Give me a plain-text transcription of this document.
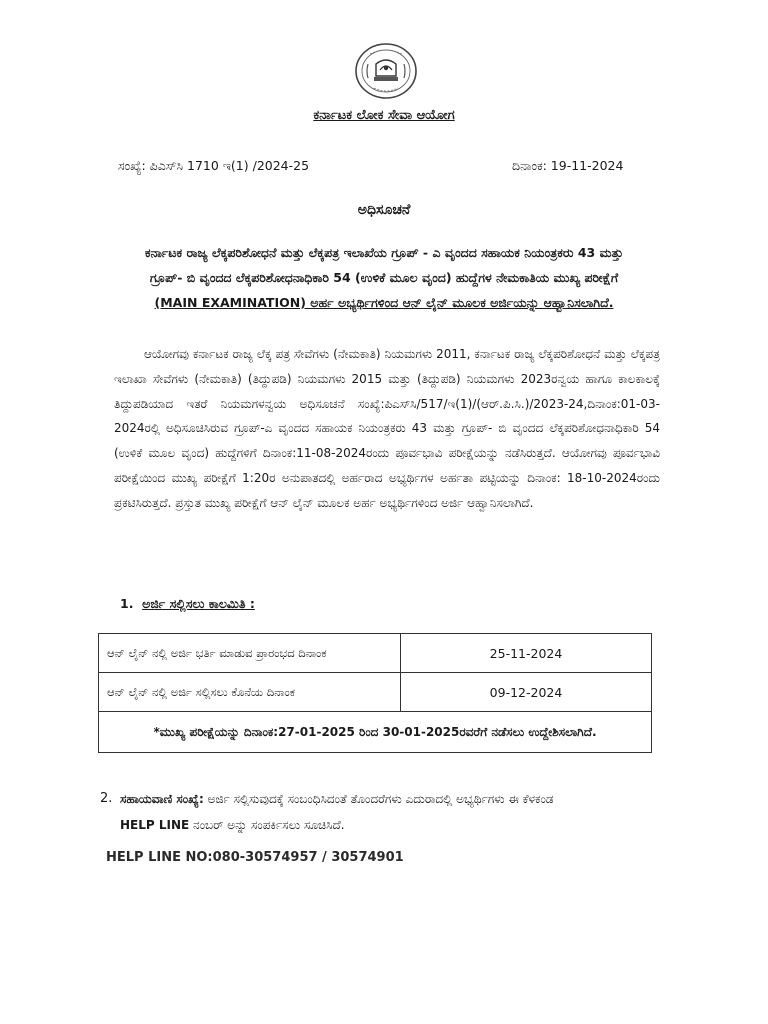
ಕರ್ನಾಟಕ ಲೋಕ ಸೇವಾ ಆಯೋಗ
ಸಂಖ್ಯೆ: ಪಿಎಸ್‌ಸಿ 1710 ಇ(1) /2024-25	ದಿನಾಂಕ: 19-11-2024
ಅಧಿಸೂಚನೆ
ಕರ್ನಾಟಕ ರಾಜ್ಯ ಲೆಕ್ಕಪರಿಶೋಧನೆ ಮತ್ತು ಲೆಕ್ಕಪತ್ರ ಇಲಾಖೆಯ ಗ್ರೂಪ್ - ಎ ವೃಂದದ ಸಹಾಯಕ ನಿಯಂತ್ರಕರು 43 ಮತ್ತು
ಗ್ರೂಪ್- ಬಿ ವೃಂದದ ಲೆಕ್ಕಪರಿಶೋಧನಾಧಿಕಾರಿ 54 (ಉಳಿಕೆ ಮೂಲ ವೃಂದ) ಹುದ್ದೆಗಳ ನೇಮಕಾತಿಯ ಮುಖ್ಯ ಪರೀಕ್ಷೆಗೆ
(MAIN EXAMINATION) ಅರ್ಹ ಅಭ್ಯರ್ಥಿಗಳಿಂದ ಆನ್ ಲೈನ್ ಮೂಲಕ ಅರ್ಜಿಯನ್ನು ಆಹ್ವಾನಿಸಲಾಗಿದೆ.
ಆಯೋಗವು ಕರ್ನಾಟಕ ರಾಜ್ಯ ಲೆಕ್ಕ ಪತ್ರ ಸೇವೆಗಳು (ನೇಮಕಾತಿ) ನಿಯಮಗಳು 2011, ಕರ್ನಾಟಕ ರಾಜ್ಯ ಲೆಕ್ಕಪರಿಶೋಧನೆ ಮತ್ತು ಲೆಕ್ಕಪತ್ರ ಇಲಾಖಾ ಸೇವೆಗಳು (ನೇಮಕಾತಿ) (ತಿದ್ದುಪಡಿ) ನಿಯಮಗಳು 2015 ಮತ್ತು (ತಿದ್ದುಪಡಿ) ನಿಯಮಗಳು 2023ರನ್ವಯ ಹಾಗೂ ಕಾಲಕಾಲಕ್ಕೆ ತಿದ್ದುಪಡಿಯಾದ ಇತರೆ ನಿಯಮಗಳನ್ವಯ ಅಧಿಸೂಚನೆ ಸಂಖ್ಯೆ:ಪಿಎಸ್‌ಸಿ/517/ಇ(1)/(ಆರ್.ಪಿ.ಸಿ.)/2023-24,ದಿನಾಂಕ:01-03-2024ರಲ್ಲಿ ಅಧಿಸೂಚಿಸಿರುವ ಗ್ರೂಪ್-ಎ ವೃಂದದ ಸಹಾಯಕ ನಿಯಂತ್ರಕರು 43 ಮತ್ತು ಗ್ರೂಪ್- ಬಿ ವೃಂದದ ಲೆಕ್ಕಪರಿಶೋಧನಾಧಿಕಾರಿ 54 (ಉಳಿಕೆ ಮೂಲ ವೃಂದ) ಹುದ್ದೆಗಳಿಗೆ ದಿನಾಂಕ:11-08-2024ರಂದು ಪೂರ್ವಭಾವಿ ಪರೀಕ್ಷೆಯನ್ನು ನಡೆಸಿರುತ್ತದೆ. ಆಯೋಗವು ಪೂರ್ವಭಾವಿ ಪರೀಕ್ಷೆಯಿಂದ ಮುಖ್ಯ ಪರೀಕ್ಷೆಗೆ 1:20ರ ಅನುಪಾತದಲ್ಲಿ ಅರ್ಹರಾದ ಅಭ್ಯರ್ಥಿಗಳ ಅರ್ಹತಾ ಪಟ್ಟಿಯನ್ನು ದಿನಾಂಕ: 18-10-2024ರಂದು ಪ್ರಕಟಿಸಿರುತ್ತದೆ. ಪ್ರಸ್ತುತ ಮುಖ್ಯ ಪರೀಕ್ಷೆಗೆ ಆನ್ ಲೈನ್ ಮೂಲಕ ಅರ್ಹ ಅಭ್ಯರ್ಥಿಗಳಿಂದ ಅರ್ಜಿ ಆಹ್ವಾನಿಸಲಾಗಿದೆ.
1. ಅರ್ಜಿ ಸಲ್ಲಿಸಲು ಕಾಲಮಿತಿ :
ಆನ್ ಲೈನ್ ನಲ್ಲಿ ಅರ್ಜಿ ಭರ್ತಿ ಮಾಡುವ ಪ್ರಾರಂಭದ ದಿನಾಂಕ	25-11-2024
ಆನ್ ಲೈನ್ ನಲ್ಲಿ ಅರ್ಜಿ ಸಲ್ಲಿಸಲು ಕೊನೆಯ ದಿನಾಂಕ	09-12-2024
*ಮುಖ್ಯ ಪರೀಕ್ಷೆಯನ್ನು ದಿನಾಂಕ:27-01-2025 ರಿಂದ 30-01-2025ರವರೆಗೆ ನಡೆಸಲು ಉದ್ದೇಶಿಸಲಾಗಿದೆ.	
2. ಸಹಾಯವಾಣಿ ಸಂಖ್ಯೆ: ಅರ್ಜಿ ಸಲ್ಲಿಸುವುದಕ್ಕೆ ಸಂಬಂಧಿಸಿದಂತೆ ತೊಂದರೆಗಳು ಎದುರಾದಲ್ಲಿ ಅಭ್ಯರ್ಥಿಗಳು ಈ ಕೆಳಕಂಡ
HELP LINE ನಂಬರ್ ಅನ್ನು ಸಂಪರ್ಕಿಸಲು ಸೂಚಿಸಿದೆ.
HELP LINE NO:080-30574957 / 30574901
